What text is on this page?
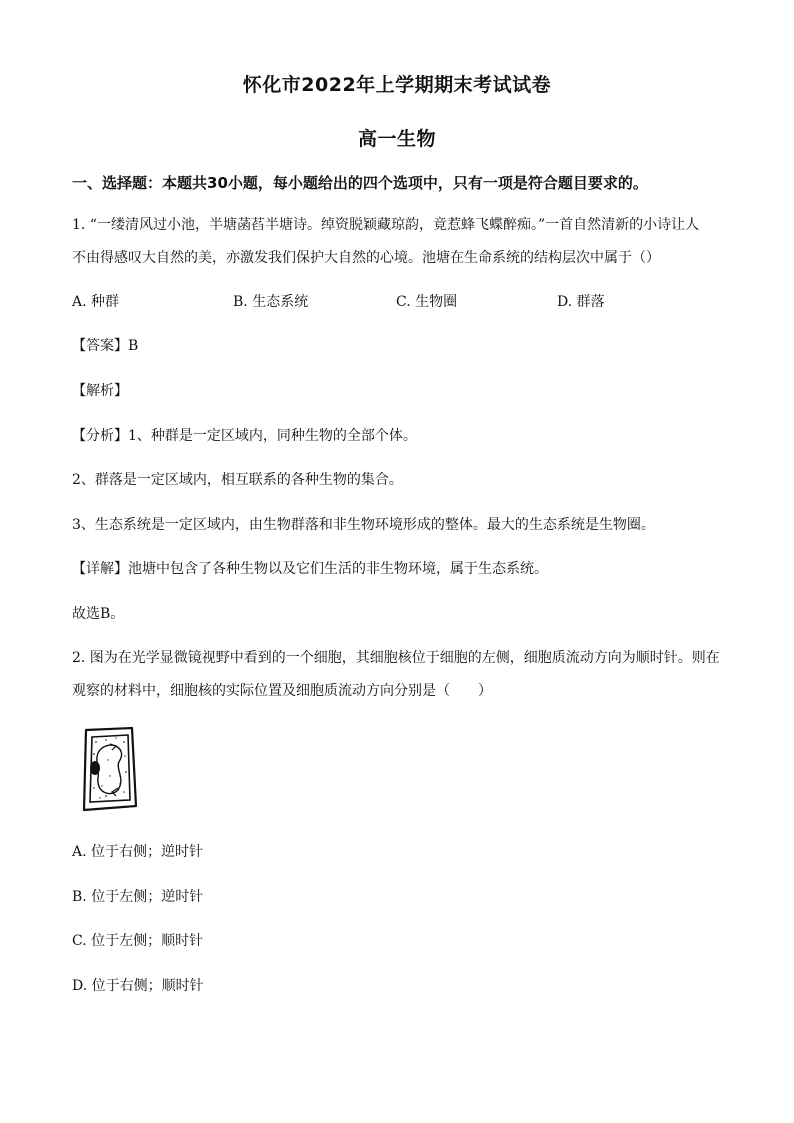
怀化市2022年上学期期末考试试卷
高一生物
一、选择题：本题共30小题，每小题给出的四个选项中，只有一项是符合题目要求的。
1. “一缕清风过小池，半塘菡萏半塘诗。绰资脱颖藏琼韵，竟惹蜂飞蝶醉痴。”一首自然清新的小诗让人
不由得感叹大自然的美，亦激发我们保护大自然的心境。池塘在生命系统的结构层次中属于（）
A. 种群	B. 生态系统	C. 生物圈	D. 群落
【答案】B
【解析】
【分析】1、种群是一定区域内，同种生物的全部个体。
2、群落是一定区域内，相互联系的各种生物的集合。
3、生态系统是一定区域内，由生物群落和非生物环境形成的整体。最大的生态系统是生物圈。
【详解】池塘中包含了各种生物以及它们生活的非生物环境，属于生态系统。
故选B。
2. 图为在光学显微镜视野中看到的一个细胞，其细胞核位于细胞的左侧，细胞质流动方向为顺时针。则在
观察的材料中，细胞核的实际位置及细胞质流动方向分别是（　　）
A. 位于右侧；逆时针
B. 位于左侧；逆时针
C. 位于左侧；顺时针
D. 位于右侧；顺时针
